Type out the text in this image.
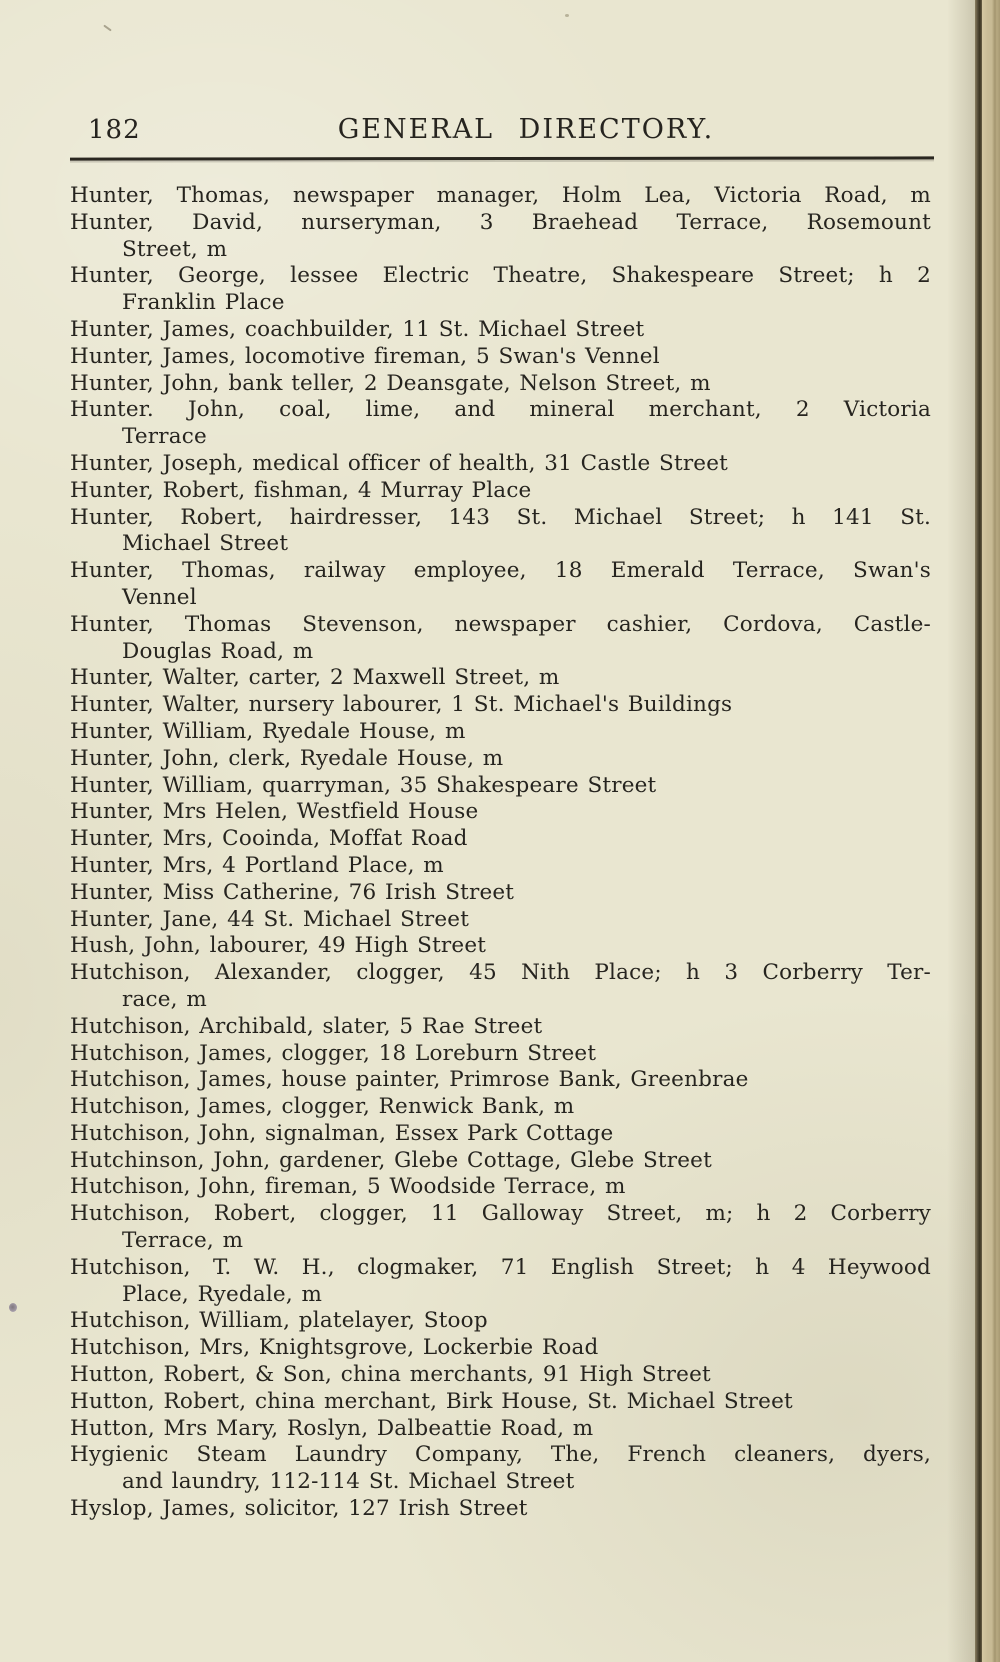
182	GENERAL DIRECTORY.

Hunter, Thomas, newspaper manager, Holm Lea, Victoria Road, m

Hunter, David, nurseryman, 3 Braehead Terrace, Rosemount
Street, m

Hunter, George, lessee Electric Theatre, Shakespeare Street; h 2
Franklin Place

Hunter, James, coachbuilder, 11 St. Michael Street

Hunter, James, locomotive fireman, 5 Swan's Vennel

Hunter, John, bank teller, 2 Deansgate, Nelson Street, m

Hunter. John, coal, lime, and mineral merchant, 2 Victoria
Terrace

Hunter, Joseph, medical officer of health, 31 Castle Street

Hunter, Robert, fishman, 4 Murray Place

Hunter, Robert, hairdresser, 143 St. Michael Street; h 141 St.
Michael Street

Hunter, Thomas, railway employee, 18 Emerald Terrace, Swan's
Vennel

Hunter, Thomas Stevenson, newspaper cashier, Cordova, Castle-
Douglas Road, m

Hunter, Walter, carter, 2 Maxwell Street, m

Hunter, Walter, nursery labourer, 1 St. Michael's Buildings

Hunter, William, Ryedale House, m

Hunter, John, clerk, Ryedale House, m

Hunter, William, quarryman, 35 Shakespeare Street

Hunter, Mrs Helen, Westfield House

Hunter, Mrs, Cooinda, Moffat Road

Hunter, Mrs, 4 Portland Place, m

Hunter, Miss Catherine, 76 Irish Street

Hunter, Jane, 44 St. Michael Street

Hush, John, labourer, 49 High Street

Hutchison, Alexander, clogger, 45 Nith Place; h 3 Corberry Ter-
race, m

Hutchison, Archibald, slater, 5 Rae Street

Hutchison, James, clogger, 18 Loreburn Street

Hutchison, James, house painter, Primrose Bank, Greenbrae

Hutchison, James, clogger, Renwick Bank, m

Hutchison, John, signalman, Essex Park Cottage

Hutchinson, John, gardener, Glebe Cottage, Glebe Street

Hutchison, John, fireman, 5 Woodside Terrace, m

Hutchison, Robert, clogger, 11 Galloway Street, m; h 2 Corberry
Terrace, m

Hutchison, T. W. H., clogmaker, 71 English Street; h 4 Heywood
Place, Ryedale, m

Hutchison, William, platelayer, Stoop

Hutchison, Mrs, Knightsgrove, Lockerbie Road

Hutton, Robert, & Son, china merchants, 91 High Street

Hutton, Robert, china merchant, Birk House, St. Michael Street

Hutton, Mrs Mary, Roslyn, Dalbeattie Road, m

Hygienic Steam Laundry Company, The, French cleaners, dyers,
and laundry, 112-114 St. Michael Street

Hyslop, James, solicitor, 127 Irish Street
